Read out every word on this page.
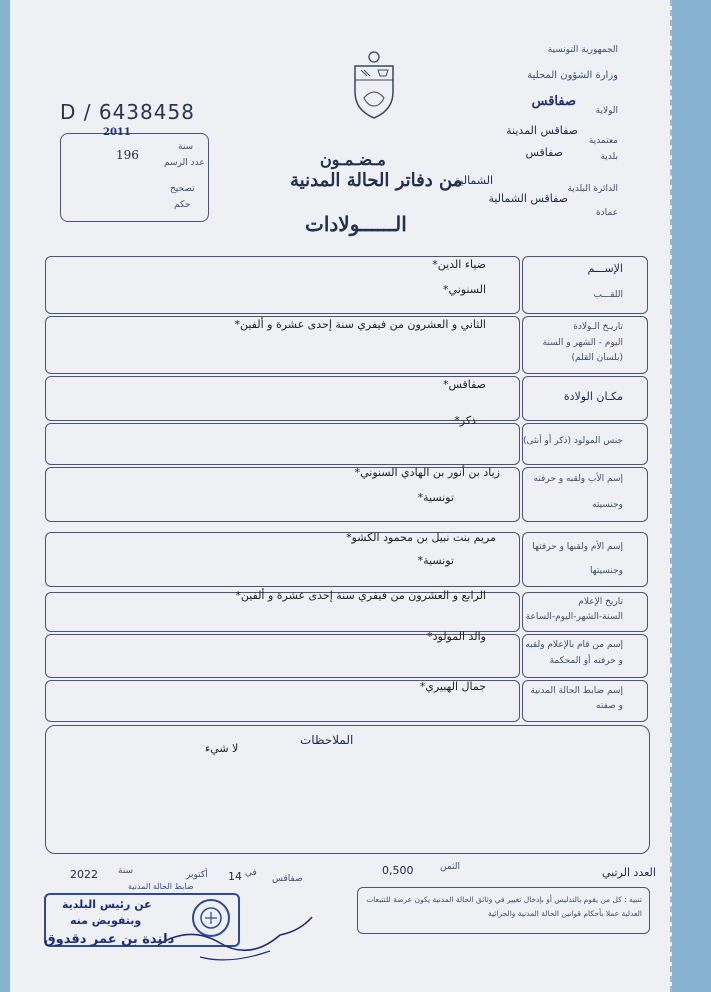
الجمهورية التونسية
وزارة الشؤون المحلية
الولاية
صفاقس
معتمدية
صفاقس المدينة
بلدية
صفاقس
الدائرة البلدية
الشمالية
عمادة
صفاقس الشمالية
D / 6438458
2011
سنة
196
عدد الرسم
تصحيح
حكم
مـضـمـون
من دفاتر الحالة المدنية
الــــــولادات
الإســـم
اللقـــب
ضياء الدين*
السنوني*
تاريـخ الـولادة
اليوم - الشهر و السنة
(بلسان القلم)
الثاني و العشرون من فيفري سنة إحدى عشرة و ألفين*
مكـان الولادة
صفاقس*
جنس المولود (ذكر أو أنثى)
ذكر*
إسم الأب ولقبه و حرفته
وجنسيته
زياد بن أنور بن الهادي السنوني*
تونسية*
إسم الأم ولقبها و حرفتها
وجنسيتها
مريم بنت نبيل بن محمود الكشو*
تونسية*
تاريخ الإعلام
السنة-الشهر-اليوم-الساعة
الرابع و العشرون من فيفري سنة إحدى عشرة و ألفين*
إسم من قام بالإعلام ولقبه
و حرفته أو المحكمة
والد المولود*
إسم ضابط الحالة المدنية
و صفته
جمال الهبيري*
الملاحظات
لا شيء
العدد الرتبي
الثمن
0,500
صفاقس
في
14
أكتوبر
سنة
2022
تنبيه : كل من يقوم بالتدليس أو بإدخال تغيير في وثائق الحالة المدنية يكون عرضة للتتبعات العدلية عملا بأحكام قوانين الحالة المدنية والجزائية
ضابط الحالة المدنية
عن رئيس البلدية
وبتفويض منه
دلندة بن عمر دقدوق
